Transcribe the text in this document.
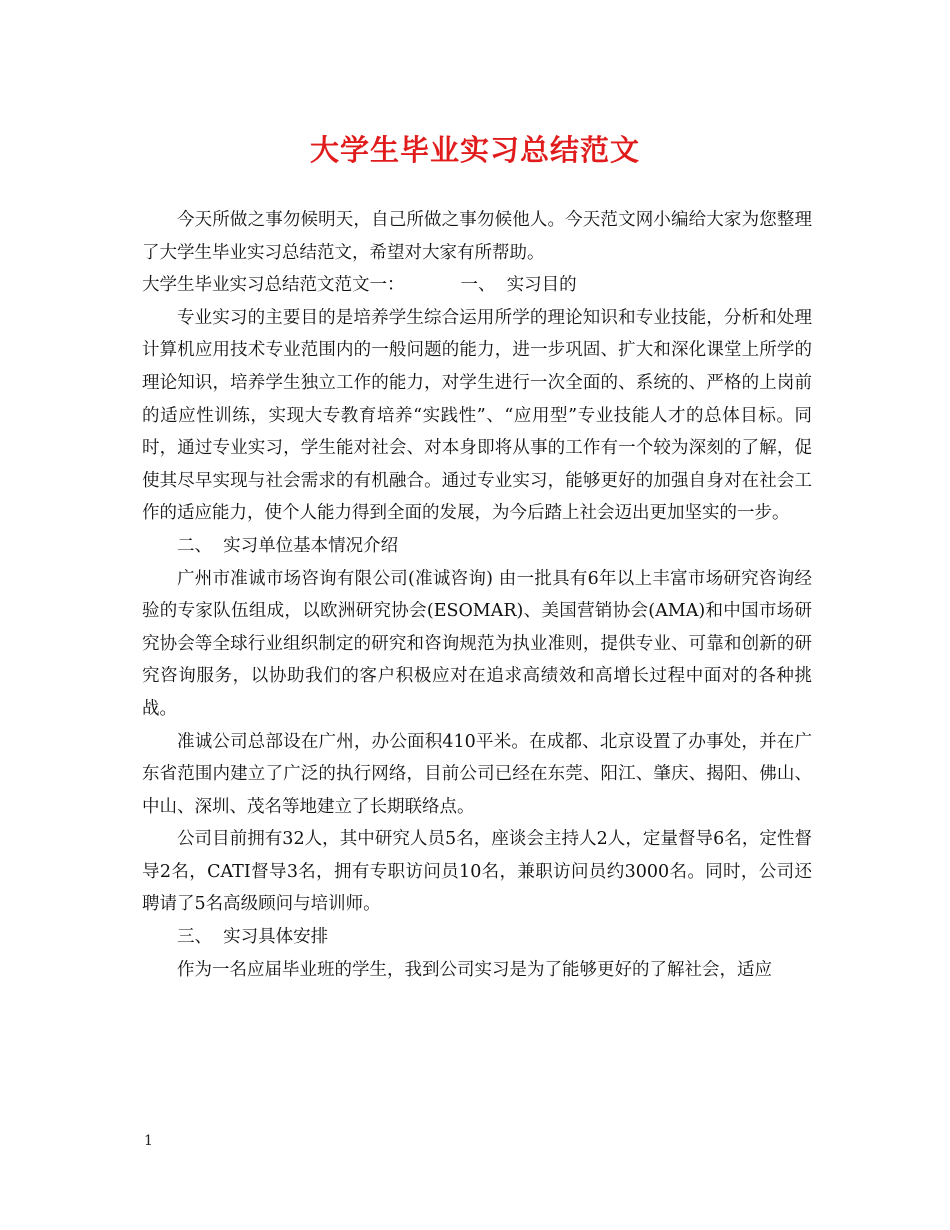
大学生毕业实习总结范文

今天所做之事勿候明天，自己所做之事勿候他人。今天范文网小编给大家为您整理了大学生毕业实习总结范文，希望对大家有所帮助。

大学生毕业实习总结范文范文一：	一、  实习目的

专业实习的主要目的是培养学生综合运用所学的理论知识和专业技能，分析和处理计算机应用技术专业范围内的一般问题的能力，进一步巩固、扩大和深化课堂上所学的理论知识，培养学生独立工作的能力，对学生进行一次全面的、系统的、严格的上岗前的适应性训练，实现大专教育培养“实践性”、“应用型”专业技能人才的总体目标。同时，通过专业实习，学生能对社会、对本身即将从事的工作有一个较为深刻的了解，促使其尽早实现与社会需求的有机融合。通过专业实习，能够更好的加强自身对在社会工作的适应能力，使个人能力得到全面的发展，为今后踏上社会迈出更加坚实的一步。

二、  实习单位基本情况介绍

广州市准诚市场咨询有限公司(准诚咨询) 由一批具有6年以上丰富市场研究咨询经验的专家队伍组成，以欧洲研究协会(ESOMAR)、美国营销协会(AMA)和中国市场研究协会等全球行业组织制定的研究和咨询规范为执业准则，提供专业、可靠和创新的研究咨询服务，以协助我们的客户积极应对在追求高绩效和高增长过程中面对的各种挑战。

准诚公司总部设在广州，办公面积410平米。在成都、北京设置了办事处，并在广东省范围内建立了广泛的执行网络，目前公司已经在东莞、阳江、肇庆、揭阳、佛山、中山、深圳、茂名等地建立了长期联络点。

公司目前拥有32人，其中研究人员5名，座谈会主持人2人，定量督导6名，定性督导2名，CATI督导3名，拥有专职访问员10名，兼职访问员约3000名。同时，公司还聘请了5名高级顾问与培训师。

三、  实习具体安排

作为一名应届毕业班的学生，我到公司实习是为了能够更好的了解社会，适应

1
